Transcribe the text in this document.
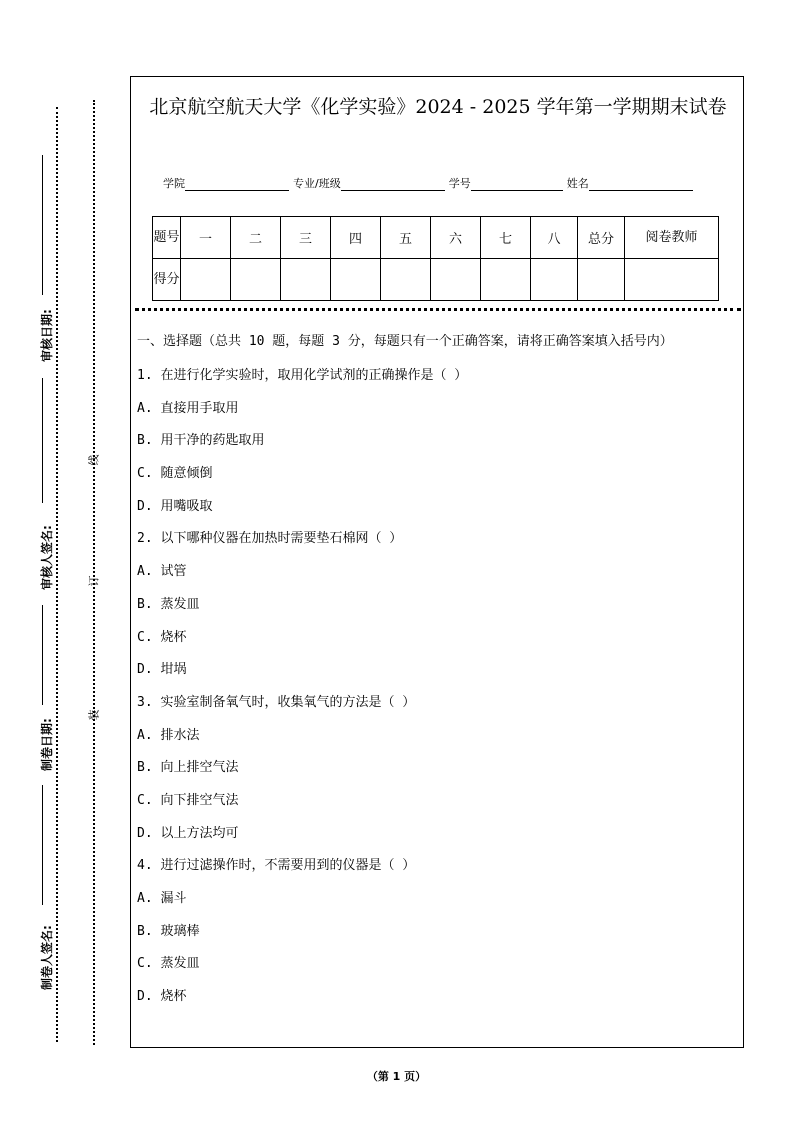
审核日期:
审核人签名:
制卷日期:
制卷人签名:
线
订
装
北京航空航天大学《化学实验》2024 - 2025 学年第一学期期末试卷
学院	专业/班级	学号	姓名
题号	一	二	三	四	五	六	七	八	总分	阅卷教师
得分										
一、选择题（总共 10 题，每题 3 分，每题只有一个正确答案，请将正确答案填入括号内）
1. 在进行化学实验时，取用化学试剂的正确操作是（ ）
A. 直接用手取用
B. 用干净的药匙取用
C. 随意倾倒
D. 用嘴吸取
2. 以下哪种仪器在加热时需要垫石棉网（ ）
A. 试管
B. 蒸发皿
C. 烧杯
D. 坩埚
3. 实验室制备氧气时，收集氧气的方法是（ ）
A. 排水法
B. 向上排空气法
C. 向下排空气法
D. 以上方法均可
4. 进行过滤操作时，不需要用到的仪器是（ ）
A. 漏斗
B. 玻璃棒
C. 蒸发皿
D. 烧杯
（第 1 页）
